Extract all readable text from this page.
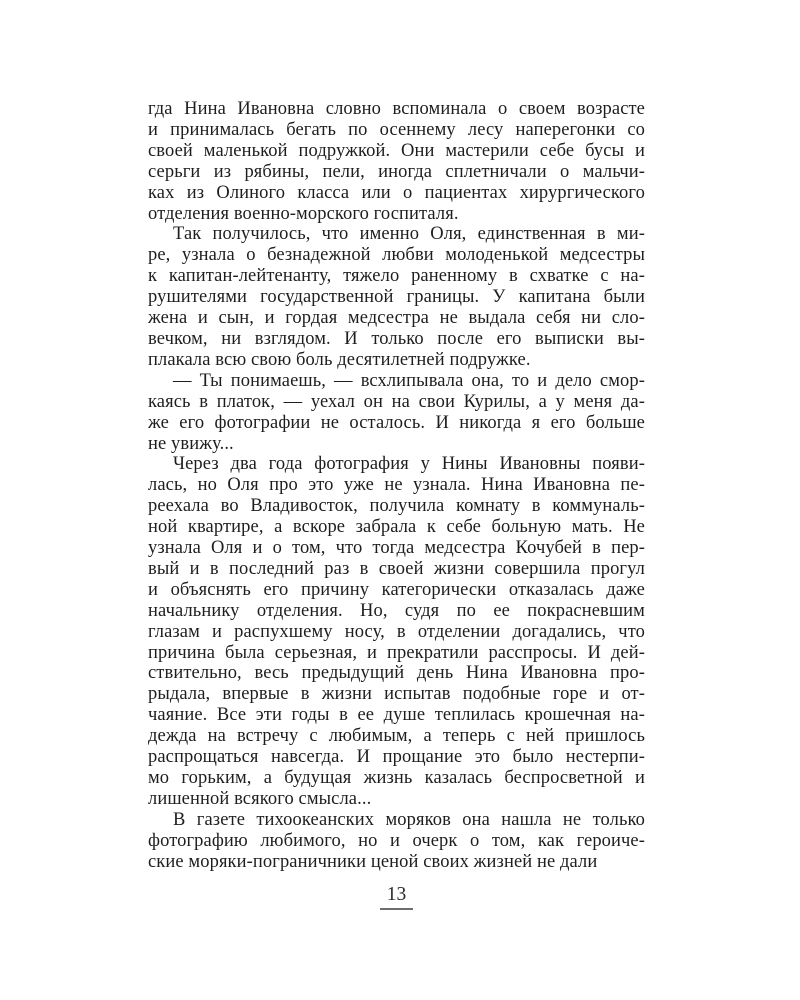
гда Нина Ивановна словно вспоминала о своем возрасте
и принималась бегать по осеннему лесу наперегонки со
своей маленькой подружкой. Они мастерили себе бусы и
серьги из рябины, пели, иногда сплетничали о мальчи-
ках из Олиного класса или о пациентах хирургического
отделения военно-морского госпиталя.
Так получилось, что именно Оля, единственная в ми-
ре, узнала о безнадежной любви молоденькой медсестры
к капитан-лейтенанту, тяжело раненному в схватке с на-
рушителями государственной границы. У капитана были
жена и сын, и гордая медсестра не выдала себя ни сло-
вечком, ни взглядом. И только после его выписки вы-
плакала всю свою боль десятилетней подружке.
— Ты понимаешь, — всхлипывала она, то и дело смор-
каясь в платок, — уехал он на свои Курилы, а у меня да-
же его фотографии не осталось. И никогда я его больше
не увижу...
Через два года фотография у Нины Ивановны появи-
лась, но Оля про это уже не узнала. Нина Ивановна пе-
реехала во Владивосток, получила комнату в коммуналь-
ной квартире, а вскоре забрала к себе больную мать. Не
узнала Оля и о том, что тогда медсестра Кочубей в пер-
вый и в последний раз в своей жизни совершила прогул
и объяснять его причину категорически отказалась даже
начальнику отделения. Но, судя по ее покрасневшим
глазам и распухшему носу, в отделении догадались, что
причина была серьезная, и прекратили расспросы. И дей-
ствительно, весь предыдущий день Нина Ивановна про-
рыдала, впервые в жизни испытав подобные горе и от-
чаяние. Все эти годы в ее душе теплилась крошечная на-
дежда на встречу с любимым, а теперь с ней пришлось
распрощаться навсегда. И прощание это было нестерпи-
мо горьким, а будущая жизнь казалась беспросветной и
лишенной всякого смысла...
В газете тихоокеанских моряков она нашла не только
фотографию любимого, но и очерк о том, как героиче-
ские моряки-пограничники ценой своих жизней не дали
13
